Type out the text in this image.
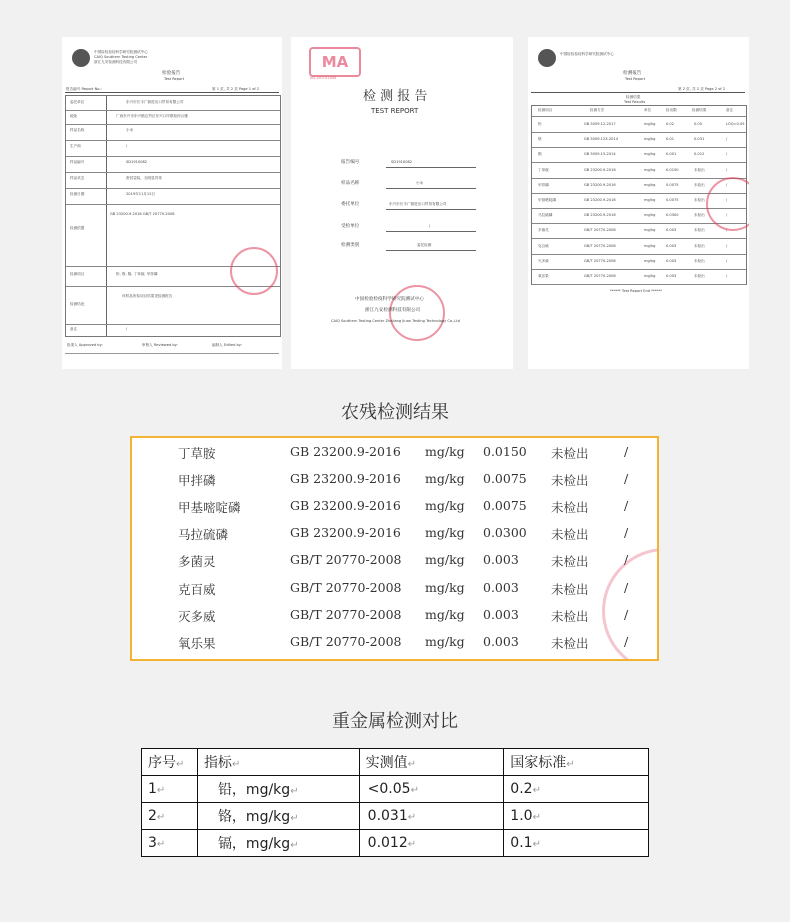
中国检验检疫科学研究院测试中心
CAIQ Southern Testing Center
浙江九安检测科技有限公司
检验报告
Test Report
报告编号 Report No.:	第 1 页, 共 2 页 Page 1 of 2
委托单位	东兴市长丰广源进出口贸易有限公司
地址	广西东兴市东兴镇边贸区东兴口岸联检综合楼
样品名称	小米
生产商	/
样品编号	SD1910082
样品状态	密封袋装，无明显异常
检测日期	2019年11月12日
检测依据
GB 23200.9-2016 GB/T 20770-2008
检测项目	铅, 铬, 镉, 丁草胺, 甲拌磷
检测结论
该样品所检项目结果见检测报告
备注	/
批准人 Approved by:	审核人 Reviewed by:	编制人 Edited by:
MA
161100141808
检 测 报 告
TEST REPORT
报告编号	SD1910082
样品名称	小米
委托单位	东兴市长丰广源进出口贸易有限公司
受检单位	/
检测类别	委托检测
中国检验检疫科学研究院测试中心
浙江九安检测科技有限公司
CAIQ Southern Testing Center Zhejiang Jiuan Testing Technology Co.,Ltd
中国检验检疫科学研究院测试中心
检测报告
Test Report
第 2 页, 共 2 页 Page 2 of 2
检测结果
Test Results
检测项目	检测方法	单位	检出限	检测结果	备注
铅	GB 5009.12-2017	mg/kg	0.02	0.05	LOQ=0.05
铬	GB 5009.123-2014	mg/kg	0.01	0.031	/
镉	GB 5009.15-2014	mg/kg	0.001	0.012	/
丁草胺	GB 23200.9-2016	mg/kg	0.0150	未检出	/
甲拌磷	GB 23200.9-2016	mg/kg	0.0075	未检出	/
甲基嘧啶磷	GB 23200.9-2016	mg/kg	0.0075	未检出	/
马拉硫磷	GB 23200.9-2016	mg/kg	0.0300	未检出	/
多菌灵	GB/T 20770-2008	mg/kg	0.003	未检出	/
克百威	GB/T 20770-2008	mg/kg	0.003	未检出	/
灭多威	GB/T 20770-2008	mg/kg	0.003	未检出	/
氧乐果	GB/T 20770-2008	mg/kg	0.003	未检出	/
****** Test Report End ******
农残检测结果
丁草胺	GB 23200.9-2016 mg/kg 0.0150 未检出	/
甲拌磷	GB 23200.9-2016 mg/kg 0.0075 未检出	/
甲基嘧啶磷	GB 23200.9-2016 mg/kg 0.0075 未检出	/
马拉硫磷	GB 23200.9-2016 mg/kg 0.0300 未检出	/
多菌灵	GB/T 20770-2008 mg/kg 0.003	未检出	/
克百威	GB/T 20770-2008 mg/kg 0.003	未检出	/
灭多威	GB/T 20770-2008 mg/kg 0.003	未检出	/
氧乐果	GB/T 20770-2008 mg/kg 0.003	未检出	/
重金属检测对比
序号↵	指标↵	实测值↵	国家标准↵
1↵	铅，mg/kg↵	<0.05↵	0.2↵
2↵	铬，mg/kg↵	0.031↵	1.0↵
3↵	镉，mg/kg↵	0.012↵	0.1↵
